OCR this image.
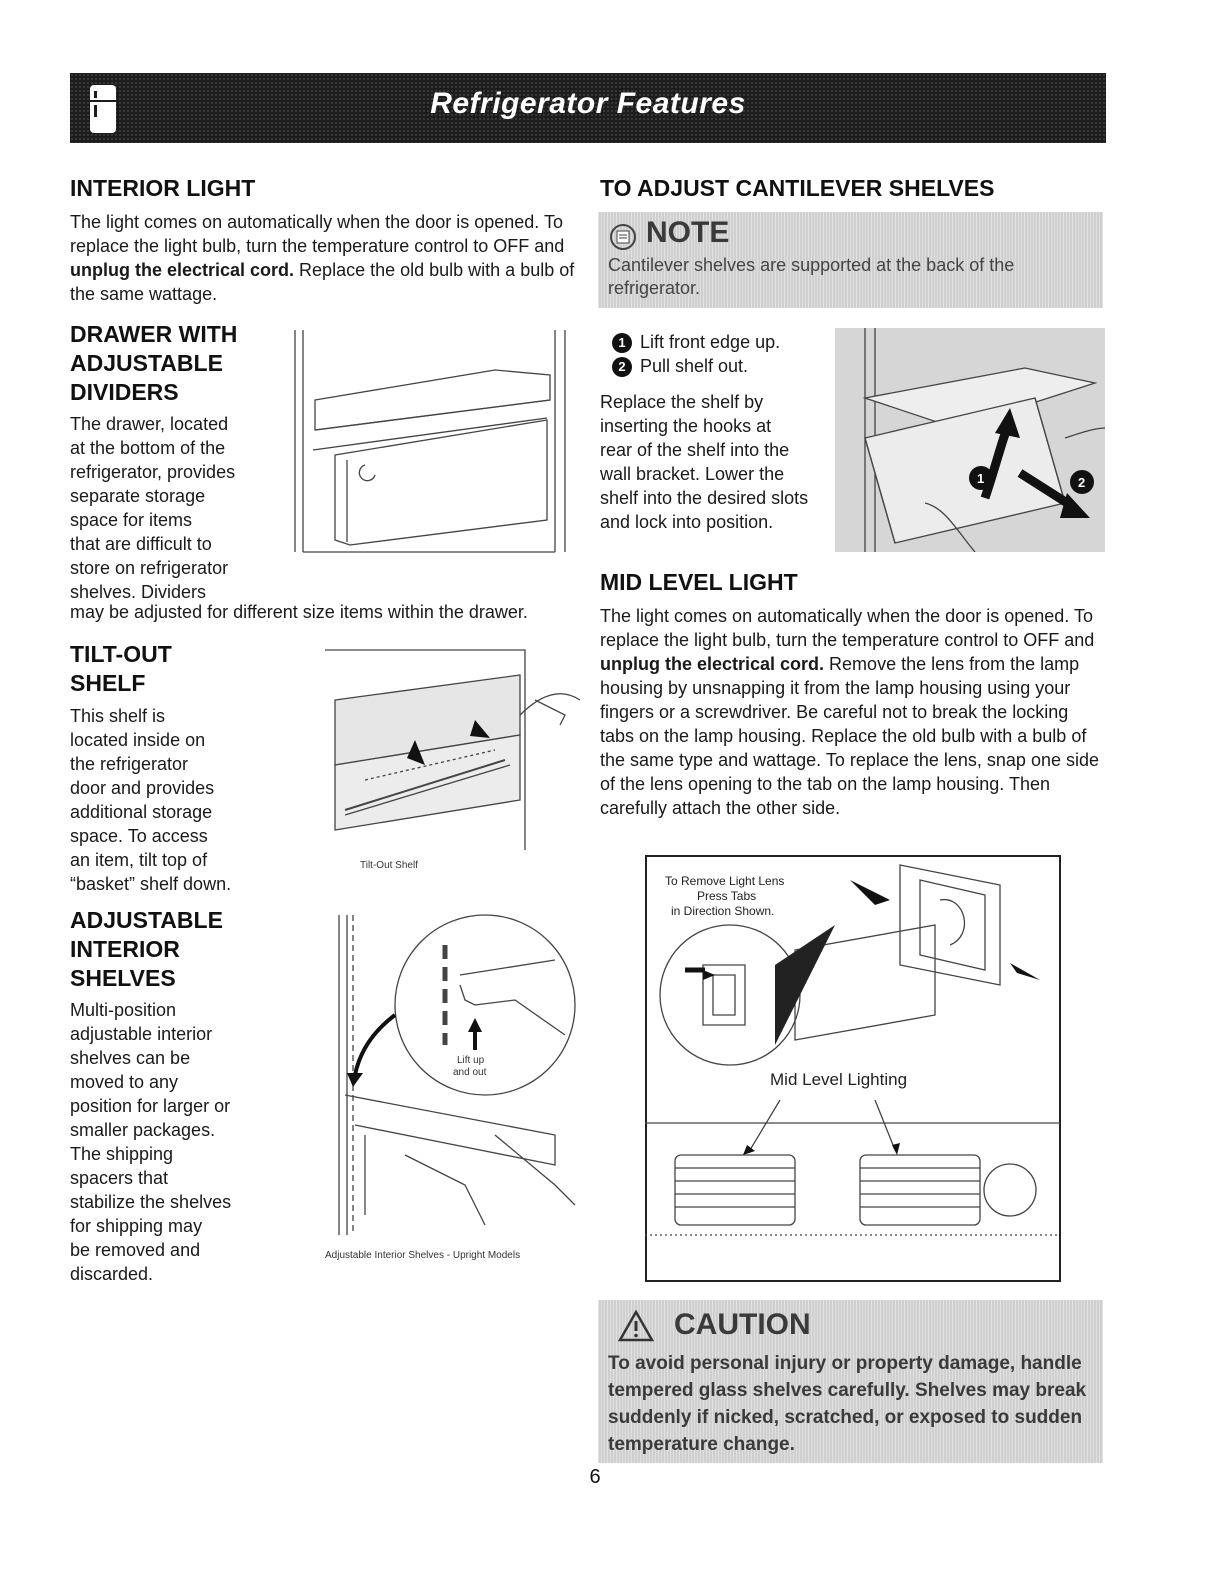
Refrigerator Features
INTERIOR LIGHT

The light comes on automatically when the door is opened. To replace the light bulb, turn the temperature control to OFF and unplug the electrical cord. Replace the old bulb with a bulb of the same wattage.

DRAWER WITH
ADJUSTABLE
DIVIDERS

The drawer, located
at the bottom of the
refrigerator, provides
separate storage
space for items
that are difficult to
store on refrigerator
shelves. Dividers

may be adjusted for different size items within the drawer.

TILT-OUT
SHELF

This shelf is
located inside on
the refrigerator
door and provides
additional storage
space. To access
an item, tilt top of
“basket” shelf down.

Tilt-Out Shelf

ADJUSTABLE
INTERIOR
SHELVES

Multi-position
adjustable interior
shelves can be
moved to any
position for larger or
smaller packages.
The shipping
spacers that
stabilize the shelves
for shipping may
be removed and
discarded.

Lift up
and out

Adjustable Interior Shelves - Upright Models

TO ADJUST CANTILEVER SHELVES
NOTE
Cantilever shelves are supported at the back of the refrigerator.
1 Lift front edge up.
2 Pull shelf out.

Replace the shelf by
inserting the hooks at
rear of the shelf into the
wall bracket. Lower the
shelf into the desired slots
and lock into position.

1	2
MID LEVEL LIGHT

The light comes on automatically when the door is opened. To replace the light bulb, turn the temperature control to OFF and unplug the electrical cord. Remove the lens from the lamp housing by unsnapping it from the lamp housing using your fingers or a screwdriver. Be careful not to break the locking tabs on the lamp housing. Replace the old bulb with a bulb of the same type and wattage. To replace the lens, snap one side of the lens opening to the tab on the lamp housing. Then carefully attach the other side.

To Remove Light Lens
Press Tabs
in Direction Shown.
Mid Level Lighting
CAUTION
To avoid personal injury or property damage, handle tempered glass shelves carefully. Shelves may break suddenly if nicked, scratched, or exposed to sudden temperature change.
6
